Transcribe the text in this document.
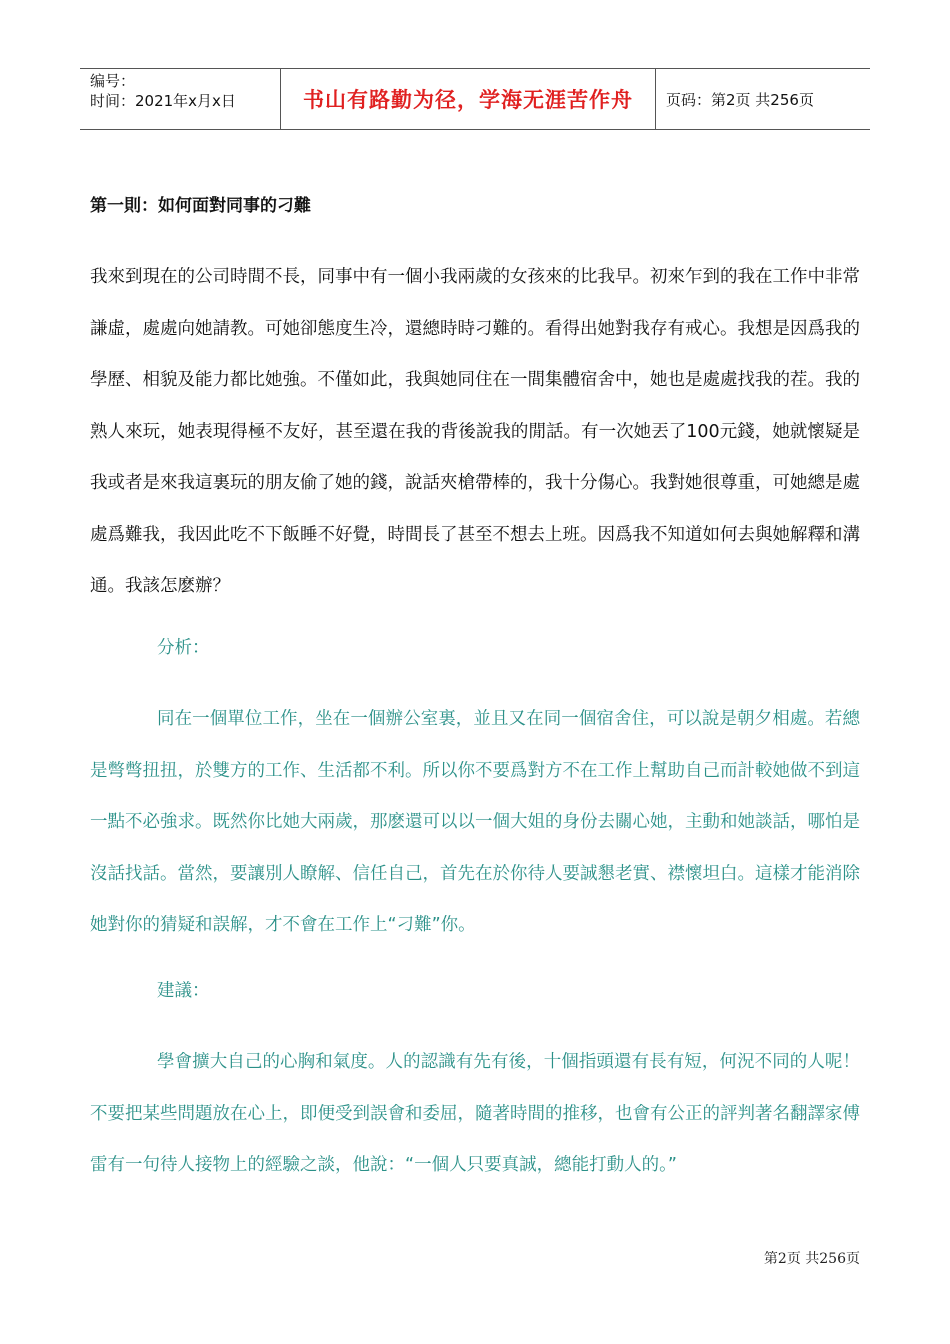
编号：
时间：2021年x月x日	书山有路勤为径，学海无涯苦作舟	页码：第2页 共256页
第一則：如何面對同事的刁難
我來到現在的公司時間不長，同事中有一個小我兩歲的女孩來的比我早。初來乍到的我在工作中非常謙虛，處處向她請教。可她卻態度生冷，還總時時刁難的。看得出她對我存有戒心。我想是因爲我的學歷、相貌及能力都比她強。不僅如此，我與她同住在一間集體宿舍中，她也是處處找我的茬。我的熟人來玩，她表現得極不友好，甚至還在我的背後說我的閒話。有一次她丟了100元錢，她就懷疑是我或者是來我這裏玩的朋友偷了她的錢，說話夾槍帶棒的，我十分傷心。我對她很尊重，可她總是處處爲難我，我因此吃不下飯睡不好覺，時間長了甚至不想去上班。因爲我不知道如何去與她解釋和溝通。我該怎麽辦？
分析：
同在一個單位工作，坐在一個辦公室裏，並且又在同一個宿舍住，可以說是朝夕相處。若總是彆彆扭扭，於雙方的工作、生活都不利。所以你不要爲對方不在工作上幫助自己而計較她做不到這一點不必強求。既然你比她大兩歲，那麽還可以以一個大姐的身份去關心她，主動和她談話，哪怕是沒話找話。當然，要讓別人瞭解、信任自己，首先在於你待人要誠懇老實、襟懷坦白。這樣才能消除她對你的猜疑和誤解，才不會在工作上“刁難”你。
建議：
學會擴大自己的心胸和氣度。人的認識有先有後，十個指頭還有長有短，何況不同的人呢！不要把某些問題放在心上，即便受到誤會和委屈，隨著時間的推移，也會有公正的評判著名翻譯家傅雷有一句待人接物上的經驗之談，他說：“一個人只要真誠，總能打動人的。”
第2页 共256页
